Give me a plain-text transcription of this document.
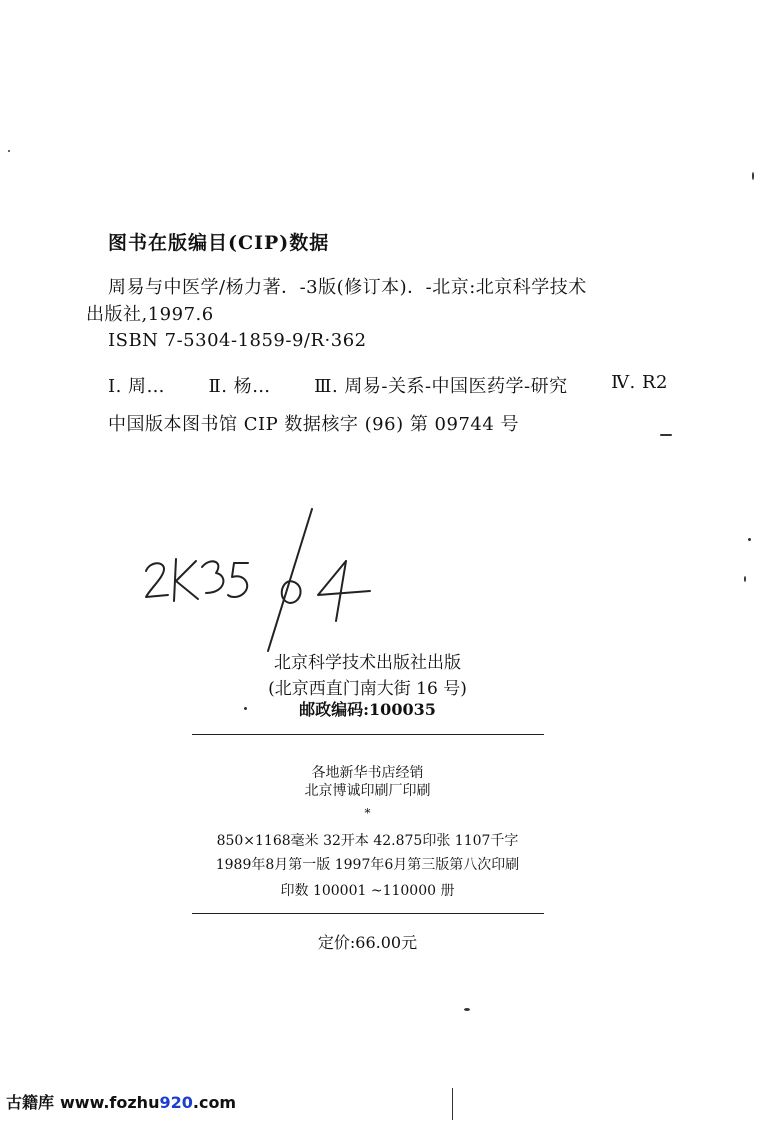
图书在版编目(CIP)数据
周易与中医学/杨力著．-3版(修订本)．-北京:北京科学技术
出版社,1997.6
ISBN 7-5304-1859-9/R·362
Ⅰ. 周… Ⅱ. 杨… Ⅲ. 周易-关系-中国医药学-研究 Ⅳ. R2
中国版本图书馆 CIP 数据核字 (96) 第 09744 号
北京科学技术出版社出版
(北京西直门南大街 16 号)
邮政编码:100035
各地新华书店经销
北京博诚印刷厂印刷
*
850×1168毫米 32开本 42.875印张 1107千字
1989年8月第一版 1997年6月第三版第八次印刷
印数 100001 ~110000 册
定价:66.00元
古籍库 www.fozhu920.com
